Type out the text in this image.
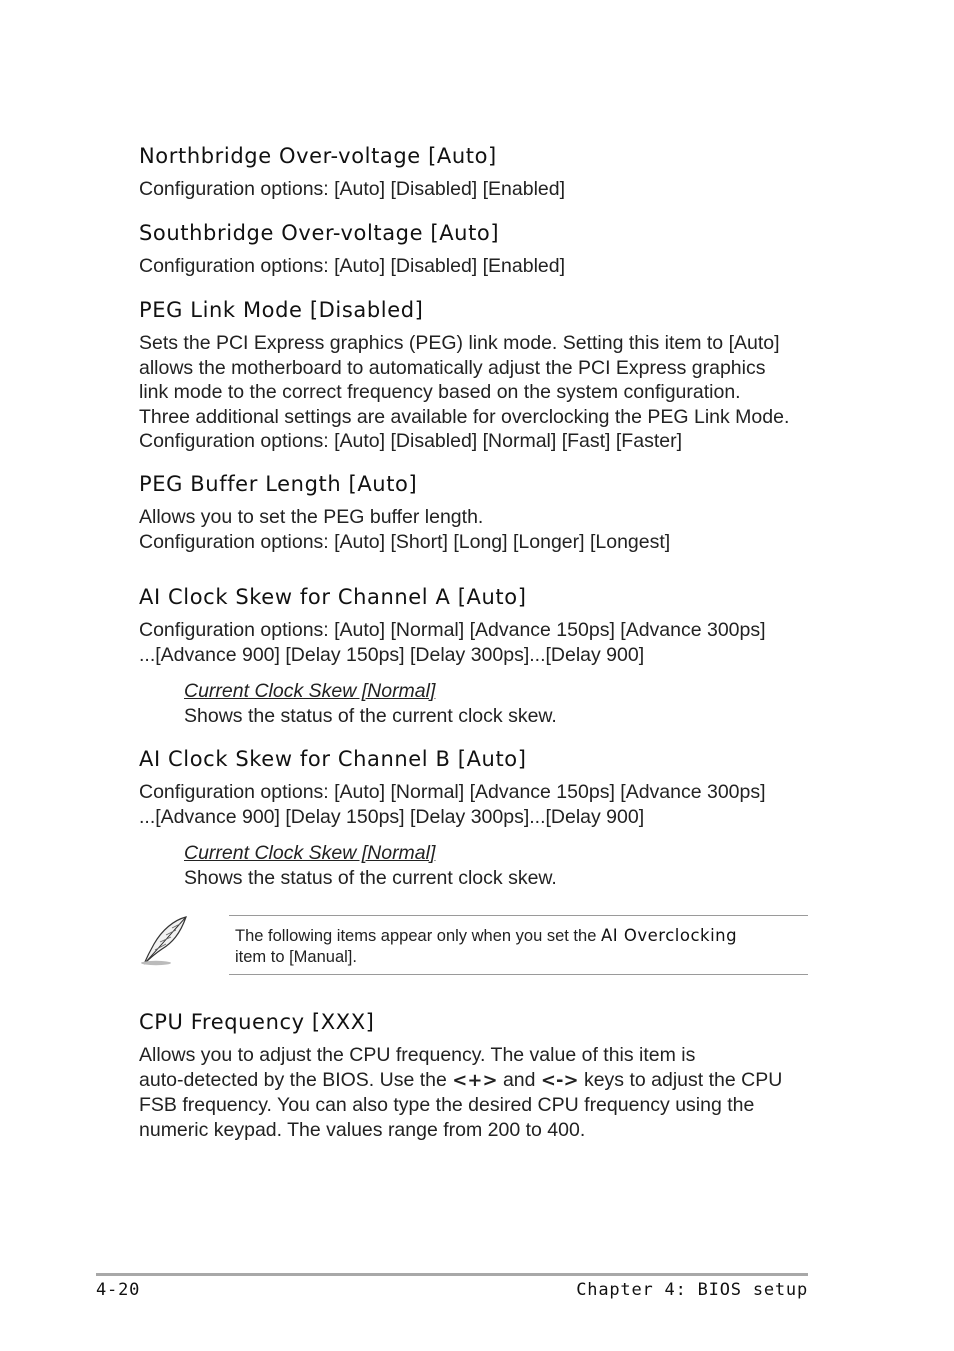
Northbridge Over-voltage [Auto]
Configuration options: [Auto] [Disabled] [Enabled]
Southbridge Over-voltage [Auto]
Configuration options: [Auto] [Disabled] [Enabled]
PEG Link Mode [Disabled]
Sets the PCI Express graphics (PEG) link mode. Setting this item to [Auto]
allows the motherboard to automatically adjust the PCI Express graphics
link mode to the correct frequency based on the system configuration.
Three additional settings are available for overclocking the PEG Link Mode.
Configuration options: [Auto] [Disabled] [Normal] [Fast] [Faster]
PEG Buffer Length [Auto]
Allows you to set the PEG buffer length.
Configuration options: [Auto] [Short] [Long] [Longer] [Longest]
AI Clock Skew for Channel A [Auto]
Configuration options: [Auto] [Normal] [Advance 150ps] [Advance 300ps]
...[Advance 900] [Delay 150ps] [Delay 300ps]...[Delay 900]
Current Clock Skew [Normal]
Shows the status of the current clock skew.
AI Clock Skew for Channel B [Auto]
Configuration options: [Auto] [Normal] [Advance 150ps] [Advance 300ps]
...[Advance 900] [Delay 150ps] [Delay 300ps]...[Delay 900]
Current Clock Skew [Normal]
Shows the status of the current clock skew.
The following items appear only when you set the AI Overclocking
item to [Manual].
CPU Frequency [XXX]
Allows you to adjust the CPU frequency. The value of this item is
auto-detected by the BIOS. Use the <+> and <-> keys to adjust the CPU
FSB frequency. You can also type the desired CPU frequency using the
numeric keypad. The values range from 200 to 400.
4-20	Chapter 4: BIOS setup
